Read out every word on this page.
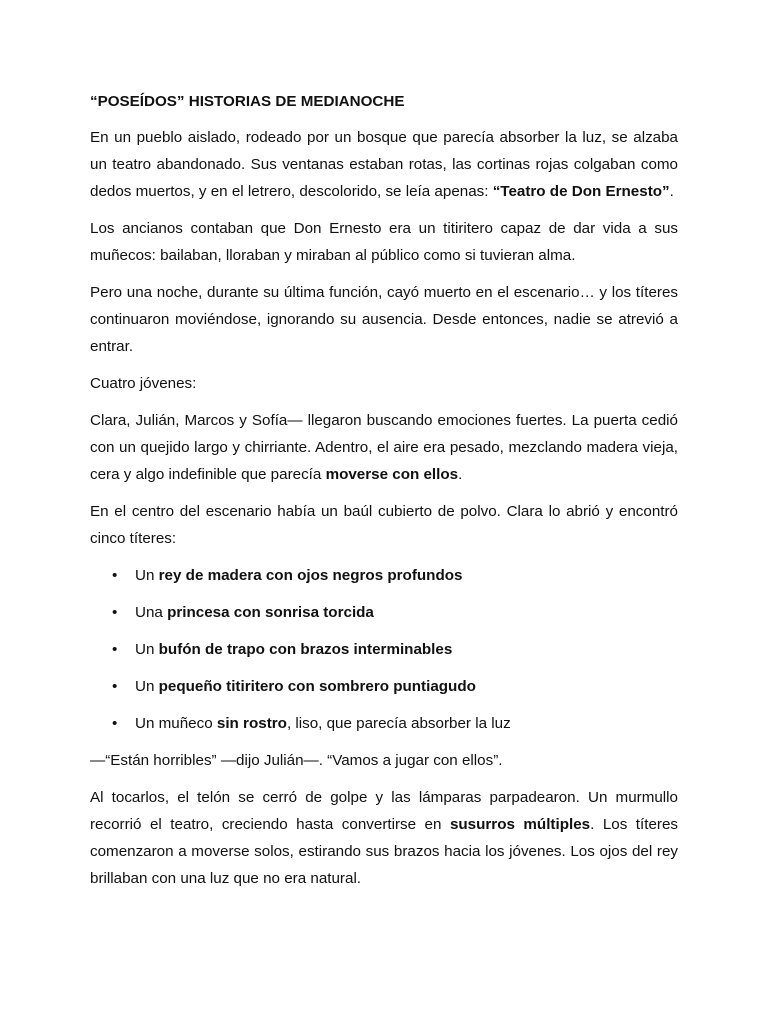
“POSEÍDOS” HISTORIAS DE MEDIANOCHE

En un pueblo aislado, rodeado por un bosque que parecía absorber la luz, se alzaba un teatro abandonado. Sus ventanas estaban rotas, las cortinas rojas colgaban como dedos muertos, y en el letrero, descolorido, se leía apenas: “Teatro de Don Ernesto”.

Los ancianos contaban que Don Ernesto era un titiritero capaz de dar vida a sus muñecos: bailaban, lloraban y miraban al público como si tuvieran alma.

Pero una noche, durante su última función, cayó muerto en el escenario… y los títeres continuaron moviéndose, ignorando su ausencia. Desde entonces, nadie se atrevió a entrar.

Cuatro jóvenes:

Clara, Julián, Marcos y Sofía— llegaron buscando emociones fuertes. La puerta cedió con un quejido largo y chirriante. Adentro, el aire era pesado, mezclando madera vieja, cera y algo indefinible que parecía moverse con ellos.

En el centro del escenario había un baúl cubierto de polvo. Clara lo abrió y encontró cinco títeres:

• Un rey de madera con ojos negros profundos
• Una princesa con sonrisa torcida
• Un bufón de trapo con brazos interminables
• Un pequeño titiritero con sombrero puntiagudo
• Un muñeco sin rostro, liso, que parecía absorber la luz

—“Están horribles” —dijo Julián—. “Vamos a jugar con ellos”.

Al tocarlos, el telón se cerró de golpe y las lámparas parpadearon. Un murmullo recorrió el teatro, creciendo hasta convertirse en susurros múltiples. Los títeres comenzaron a moverse solos, estirando sus brazos hacia los jóvenes. Los ojos del rey brillaban con una luz que no era natural.
